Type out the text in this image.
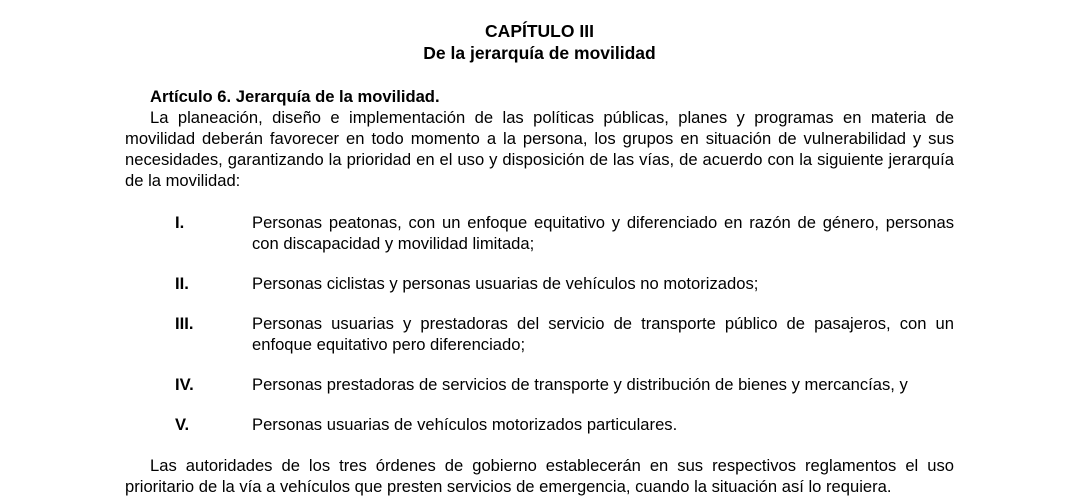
CAPÍTULO III
De la jerarquía de movilidad
Artículo 6. Jerarquía de la movilidad.
La planeación, diseño e implementación de las políticas públicas, planes y programas en materia de movilidad deberán favorecer en todo momento a la persona, los grupos en situación de vulnerabilidad y sus necesidades, garantizando la prioridad en el uso y disposición de las vías, de acuerdo con la siguiente jerarquía de la movilidad:
I.	Personas peatonas, con un enfoque equitativo y diferenciado en razón de género, personas con discapacidad y movilidad limitada;
II.	Personas ciclistas y personas usuarias de vehículos no motorizados;
III.	Personas usuarias y prestadoras del servicio de transporte público de pasajeros, con un enfoque equitativo pero diferenciado;
IV.	Personas prestadoras de servicios de transporte y distribución de bienes y mercancías, y
V.	Personas usuarias de vehículos motorizados particulares.
Las autoridades de los tres órdenes de gobierno establecerán en sus respectivos reglamentos el uso prioritario de la vía a vehículos que presten servicios de emergencia, cuando la situación así lo requiera.
